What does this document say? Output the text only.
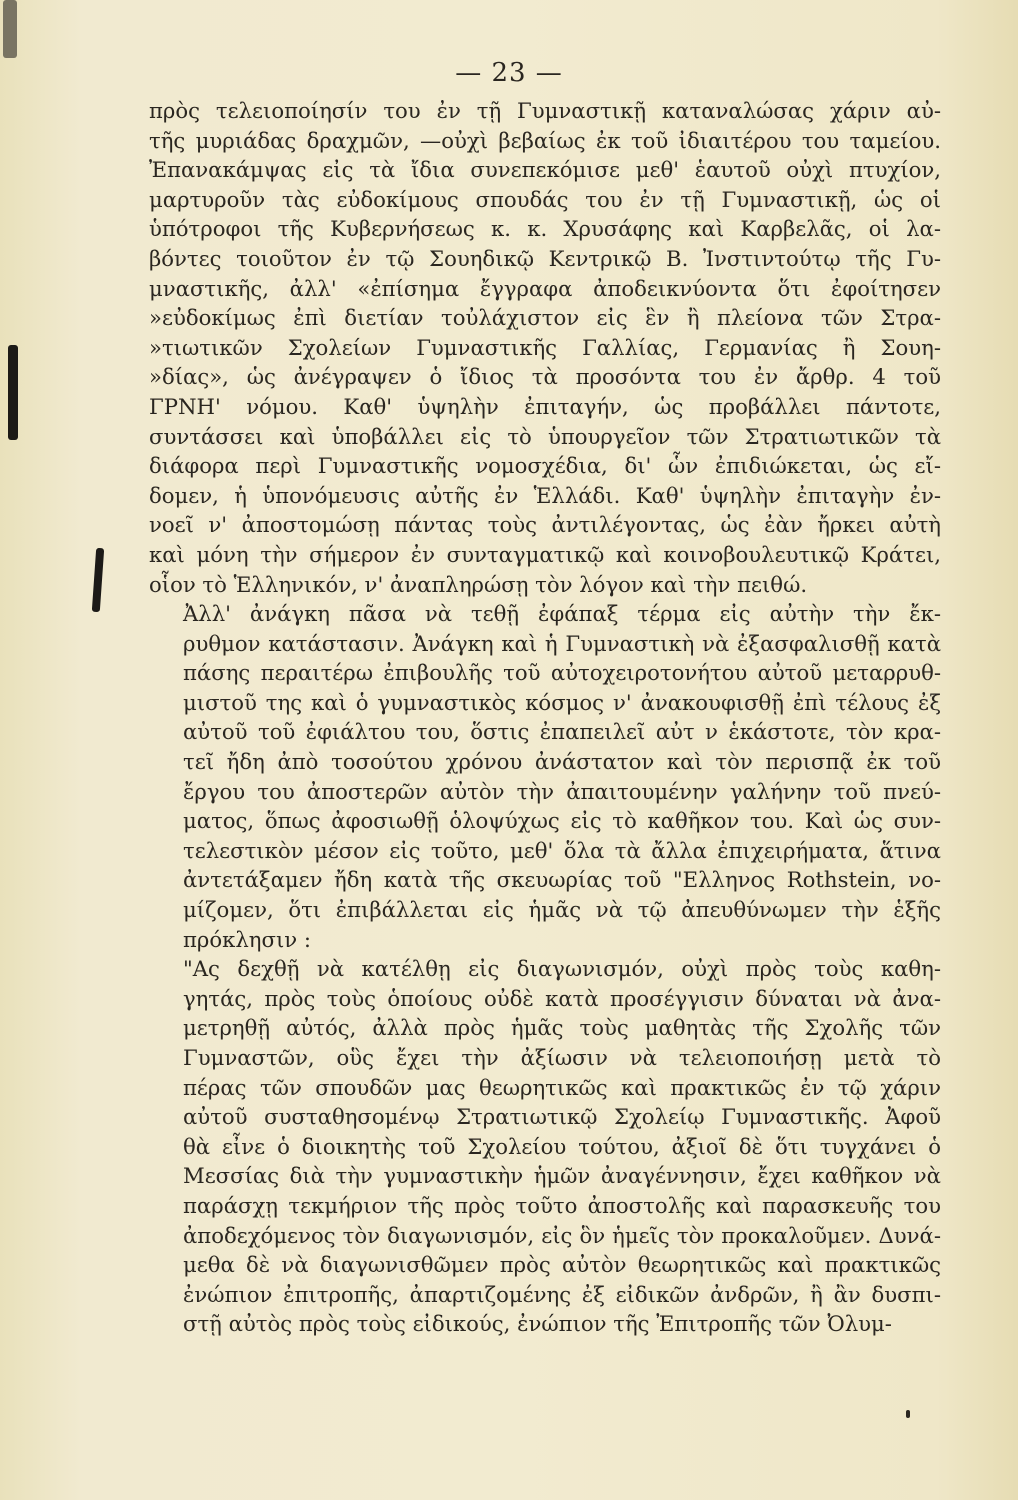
— 23 —

πρὸς τελειοποίησίν του ἐν τῇ Γυμναστικῇ καταναλώσας χάριν αὐ-
τῆς μυριάδας δραχμῶν, —οὐχὶ βεβαίως ἐκ τοῦ ἰδιαιτέρου του ταμείου.
Ἐπανακάμψας εἰς τὰ ἴδια συνεπεκόμισε μεθ' ἑαυτοῦ οὐχὶ πτυχίον,
μαρτυροῦν τὰς εὐδοκίμους σπουδάς του ἐν τῇ Γυμναστικῇ, ὡς οἱ
ὑπότροφοι τῆς Κυβερνήσεως κ. κ. Χρυσάφης καὶ Καρβελᾶς, οἱ λα-
βόντες τοιοῦτον ἐν τῷ Σουηδικῷ Κεντρικῷ Β. Ἰνστιντούτῳ τῆς Γυ-
μναστικῆς, ἀλλ' «ἐπίσημα ἔγγραφα ἀποδεικνύοντα ὅτι ἐφοίτησεν
»εὐδοκίμως ἐπὶ διετίαν τοὐλάχιστον εἰς ἓν ἢ πλείονα τῶν Στρα-
»τιωτικῶν Σχολείων Γυμναστικῆς Γαλλίας, Γερμανίας ἢ Σουη-
»δίας», ὡς ἀνέγραψεν ὁ ἴδιος τὰ προσόντα του ἐν ἄρθρ. 4 τοῦ
ΓΡΝΗ' νόμου. Καθ' ὑψηλὴν ἐπιταγήν, ὡς προβάλλει πάντοτε,
συντάσσει καὶ ὑποβάλλει εἰς τὸ ὑπουργεῖον τῶν Στρατιωτικῶν τὰ
διάφορα περὶ Γυμναστικῆς νομοσχέδια, δι' ὧν ἐπιδιώκεται, ὡς εἴ-
δομεν, ἡ ὑπονόμευσις αὐτῆς ἐν Ἑλλάδι. Καθ' ὑψηλὴν ἐπιταγὴν ἐν-
νοεῖ ν' ἀποστομώσῃ πάντας τοὺς ἀντιλέγοντας, ὡς ἐὰν ἤρκει αὐτὴ
καὶ μόνη τὴν σήμερον ἐν συνταγματικῷ καὶ κοινοβουλευτικῷ Κράτει,
οἷον τὸ Ἑλληνικόν, ν' ἀναπληρώσῃ τὸν λόγον καὶ τὴν πειθώ.

Ἀλλ' ἀνάγκη πᾶσα νὰ τεθῇ ἐφάπαξ τέρμα εἰς αὐτὴν τὴν ἔκ-
ρυθμον κατάστασιν. Ἀνάγκη καὶ ἡ Γυμναστικὴ νὰ ἐξασφαλισθῇ κατὰ
πάσης περαιτέρω ἐπιβουλῆς τοῦ αὐτοχειροτονήτου αὐτοῦ μεταρρυθ-
μιστοῦ της καὶ ὁ γυμναστικὸς κόσμος ν' ἀνακουφισθῇ ἐπὶ τέλους ἐξ
αὐτοῦ τοῦ ἐφιάλτου του, ὅστις ἐπαπειλεῖ αὐτ ν ἑκάστοτε, τὸν κρα-
τεῖ ἤδη ἀπὸ τοσούτου χρόνου ἀνάστατον καὶ τὸν περισπᾷ ἐκ τοῦ
ἔργου του ἀποστερῶν αὐτὸν τὴν ἀπαιτουμένην γαλήνην τοῦ πνεύ-
ματος, ὅπως ἀφοσιωθῇ ὁλοψύχως εἰς τὸ καθῆκον του. Καὶ ὡς συν-
τελεστικὸν μέσον εἰς τοῦτο, μεθ' ὅλα τὰ ἄλλα ἐπιχειρήματα, ἅτινα
ἀντετάξαμεν ἤδη κατὰ τῆς σκευωρίας τοῦ "Ελληνος Rothstein, νο-
μίζομεν, ὅτι ἐπιβάλλεται εἰς ἡμᾶς νὰ τῷ ἀπευθύνωμεν τὴν ἑξῆς
πρόκλησιν :

"Ας δεχθῇ νὰ κατέλθῃ εἰς διαγωνισμόν, οὐχὶ πρὸς τοὺς καθη-
γητάς, πρὸς τοὺς ὁποίους οὐδὲ κατὰ προσέγγισιν δύναται νὰ ἀνα-
μετρηθῇ αὐτός, ἀλλὰ πρὸς ἡμᾶς τοὺς μαθητὰς τῆς Σχολῆς τῶν
Γυμναστῶν, οὓς ἔχει τὴν ἀξίωσιν νὰ τελειοποιήσῃ μετὰ τὸ
πέρας τῶν σπουδῶν μας θεωρητικῶς καὶ πρακτικῶς ἐν τῷ χάριν
αὐτοῦ συσταθησομένῳ Στρατιωτικῷ Σχολείῳ Γυμναστικῆς. Ἀφοῦ
θὰ εἶνε ὁ διοικητὴς τοῦ Σχολείου τούτου, ἀξιοῖ δὲ ὅτι τυγχάνει ὁ
Μεσσίας διὰ τὴν γυμναστικὴν ἡμῶν ἀναγέννησιν, ἔχει καθῆκον νὰ
παράσχῃ τεκμήριον τῆς πρὸς τοῦτο ἀποστολῆς καὶ παρασκευῆς του
ἀποδεχόμενος τὸν διαγωνισμόν, εἰς ὃν ἡμεῖς τὸν προκαλοῦμεν. Δυνά-
μεθα δὲ νὰ διαγωνισθῶμεν πρὸς αὐτὸν θεωρητικῶς καὶ πρακτικῶς
ἐνώπιον ἐπιτροπῆς, ἀπαρτιζομένης ἐξ εἰδικῶν ἀνδρῶν, ἢ ἂν δυσπι-
στῇ αὐτὸς πρὸς τοὺς εἰδικούς, ἐνώπιον τῆς Ἐπιτροπῆς τῶν Ὀλυμ-
